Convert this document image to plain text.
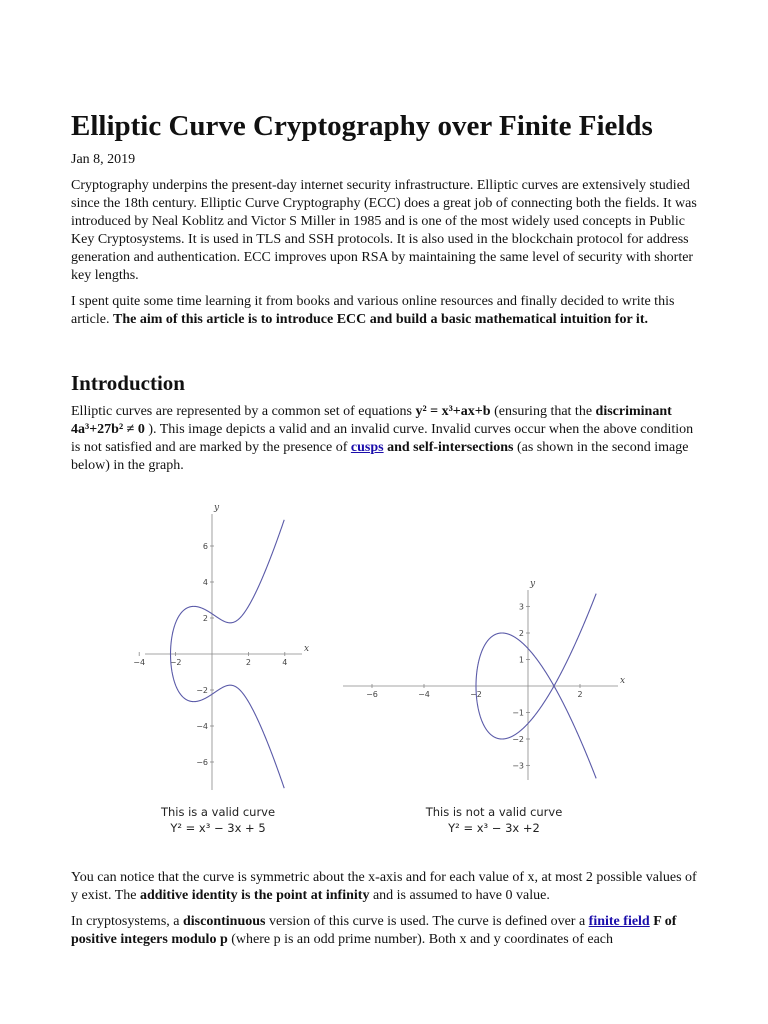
Elliptic Curve Cryptography over Finite Fields
Jan 8, 2019

Cryptography underpins the present-day internet security infrastructure. Elliptic curves are extensively studied since the 18th century. Elliptic Curve Cryptography (ECC) does a great job of connecting both the fields. It was introduced by Neal Koblitz and Victor S Miller in 1985 and is one of the most widely used concepts in Public Key Cryptosystems. It is used in TLS and SSH protocols. It is also used in the blockchain protocol for address generation and authentication. ECC improves upon RSA by maintaining the same level of security with shorter key lengths.

I spent quite some time learning it from books and various online resources and finally decided to write this article. The aim of this article is to introduce ECC and build a basic mathematical intuition for it.

Introduction

Elliptic curves are represented by a common set of equations y² = x³+ax+b (ensuring that the discriminant 4a³+27b² ≠ 0 ). This image depicts a valid and an invalid curve. Invalid curves occur when the above condition is not satisfied and are marked by the presence of cusps and self-intersections (as shown in the second image below) in the graph.

x
y
−4	−2	2	4
6
4
2
−2
−4
−6
x
y
−6	−4	−2	2
3
2
1
−1
−2
−3
This is a valid curve
Y² = x³ − 3x + 5
This is not a valid curve
Y² = x³ − 3x +2

You can notice that the curve is symmetric about the x-axis and for each value of x, at most 2 possible values of y exist. The additive identity is the point at infinity and is assumed to have 0 value.

In cryptosystems, a discontinuous version of this curve is used. The curve is defined over a finite field F of positive integers modulo p (where p is an odd prime number). Both x and y coordinates of each
